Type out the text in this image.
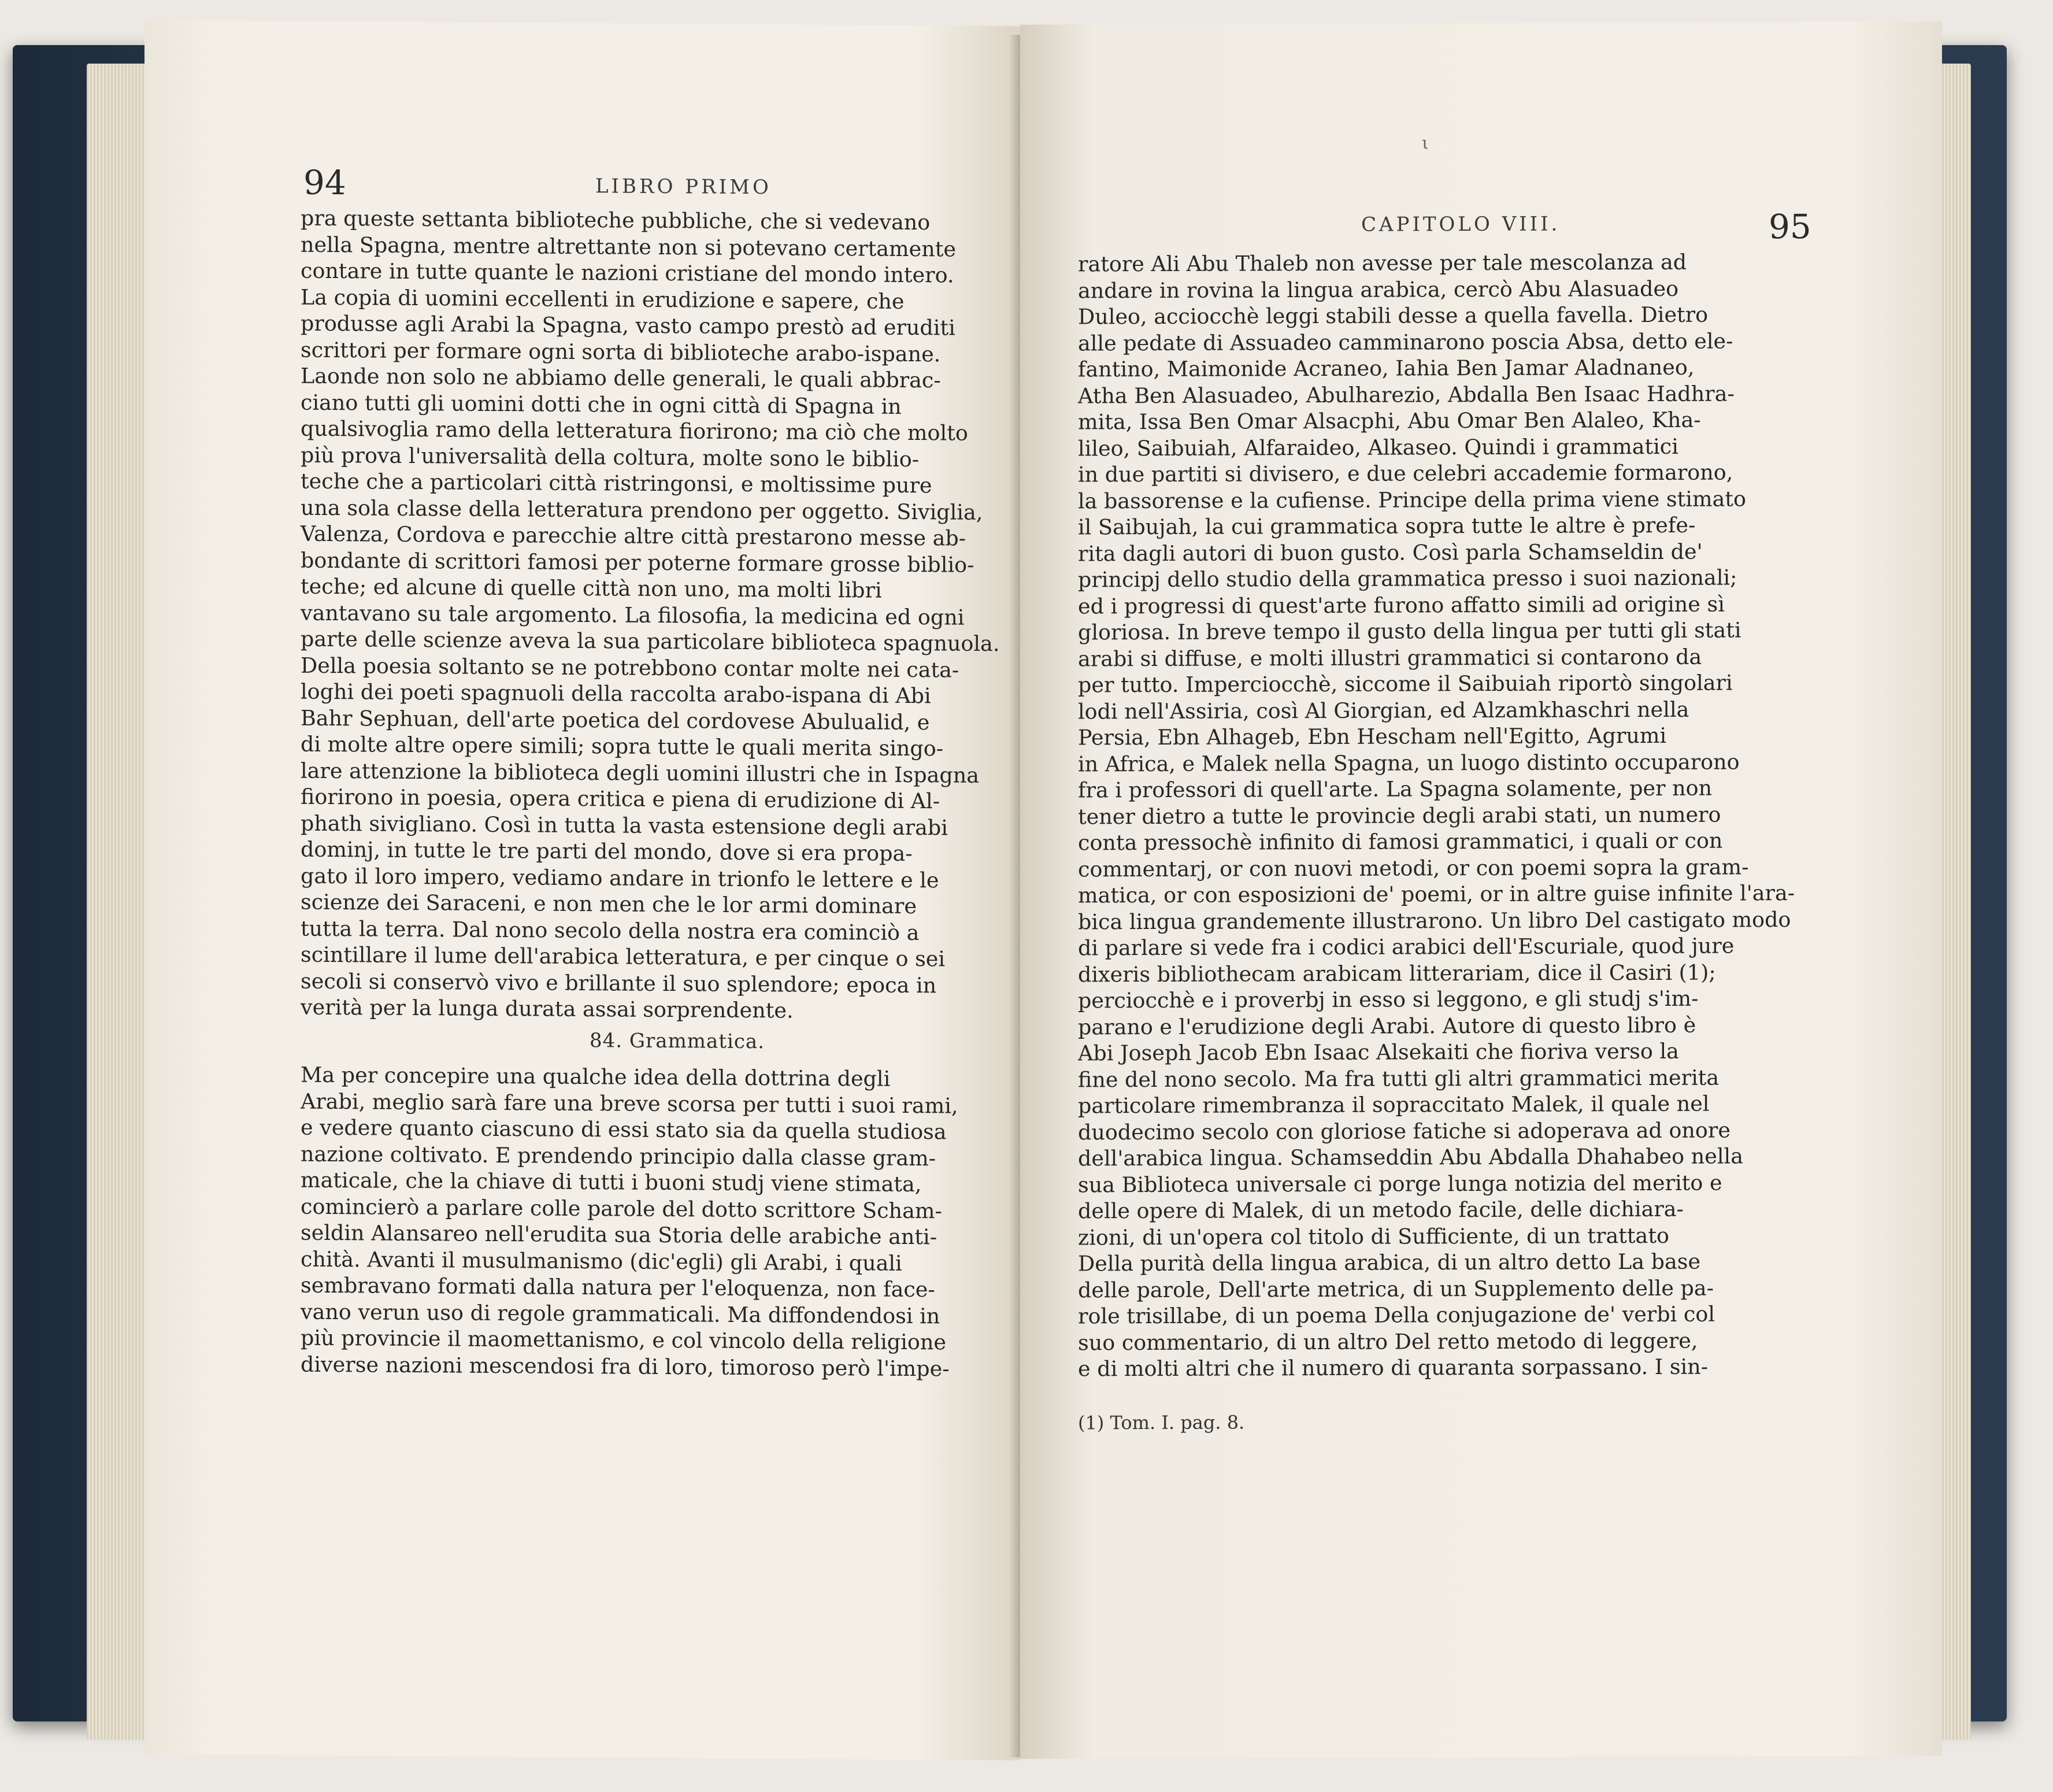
94	LIBRO PRIMO
pra queste settanta biblioteche pubbliche, che si vedevano
nella Spagna, mentre altrettante non si potevano certamente
contare in tutte quante le nazioni cristiane del mondo intero.
La copia di uomini eccellenti in erudizione e sapere, che
produsse agli Arabi la Spagna, vasto campo prestò ad eruditi
scrittori per formare ogni sorta di biblioteche arabo-ispane.
Laonde non solo ne abbiamo delle generali, le quali abbrac-
ciano tutti gli uomini dotti che in ogni città di Spagna in
qualsivoglia ramo della letteratura fiorirono; ma ciò che molto
più prova l'universalità della coltura, molte sono le biblio-
teche che a particolari città ristringonsi, e moltissime pure
una sola classe della letteratura prendono per oggetto. Siviglia,
Valenza, Cordova e parecchie altre città prestarono messe ab-
bondante di scrittori famosi per poterne formare grosse biblio-
teche; ed alcune di quelle città non uno, ma molti libri
vantavano su tale argomento. La filosofia, la medicina ed ogni
parte delle scienze aveva la sua particolare biblioteca spagnuola.
Della poesia soltanto se ne potrebbono contar molte nei cata-
loghi dei poeti spagnuoli della raccolta arabo-ispana di Abi
Bahr Sephuan, dell'arte poetica del cordovese Abulualid, e
di molte altre opere simili; sopra tutte le quali merita singo-
lare attenzione la biblioteca degli uomini illustri che in Ispagna
fiorirono in poesia, opera critica e piena di erudizione di Al-
phath sivigliano. Così in tutta la vasta estensione degli arabi
dominj, in tutte le tre parti del mondo, dove si era propa-
gato il loro impero, vediamo andare in trionfo le lettere e le
scienze dei Saraceni, e non men che le lor armi dominare
tutta la terra. Dal nono secolo della nostra era cominciò a
scintillare il lume dell'arabica letteratura, e per cinque o sei
secoli si conservò vivo e brillante il suo splendore; epoca in
verità per la lunga durata assai sorprendente.
84. Grammatica.
Ma per concepire una qualche idea della dottrina degli
Arabi, meglio sarà fare una breve scorsa per tutti i suoi rami,
e vedere quanto ciascuno di essi stato sia da quella studiosa
nazione coltivato. E prendendo principio dalla classe gram-
maticale, che la chiave di tutti i buoni studj viene stimata,
comincierò a parlare colle parole del dotto scrittore Scham-
seldin Alansareo nell'erudita sua Storia delle arabiche anti-
chità. Avanti il musulmanismo (dic'egli) gli Arabi, i quali
sembravano formati dalla natura per l'eloquenza, non face-
vano verun uso di regole grammaticali. Ma diffondendosi in
più provincie il maomettanismo, e col vincolo della religione
diverse nazioni mescendosi fra di loro, timoroso però l'impe-
ι
CAPITOLO VIII.	95
ratore Ali Abu Thaleb non avesse per tale mescolanza ad
andare in rovina la lingua arabica, cercò Abu Alasuadeo
Duleo, acciocchè leggi stabili desse a quella favella. Dietro
alle pedate di Assuadeo camminarono poscia Absa, detto ele-
fantino, Maimonide Acraneo, Iahia Ben Jamar Aladnaneo,
Atha Ben Alasuadeo, Abulharezio, Abdalla Ben Isaac Hadhra-
mita, Issa Ben Omar Alsacphi, Abu Omar Ben Alaleo, Kha-
lileo, Saibuiah, Alfaraideo, Alkaseo. Quindi i grammatici
in due partiti si divisero, e due celebri accademie formarono,
la bassorense e la cufiense. Principe della prima viene stimato
il Saibujah, la cui grammatica sopra tutte le altre è prefe-
rita dagli autori di buon gusto. Così parla Schamseldin de'
principj dello studio della grammatica presso i suoi nazionali;
ed i progressi di quest'arte furono affatto simili ad origine sì
gloriosa. In breve tempo il gusto della lingua per tutti gli stati
arabi si diffuse, e molti illustri grammatici si contarono da
per tutto. Imperciocchè, siccome il Saibuiah riportò singolari
lodi nell'Assiria, così Al Giorgian, ed Alzamkhaschri nella
Persia, Ebn Alhageb, Ebn Hescham nell'Egitto, Agrumi
in Africa, e Malek nella Spagna, un luogo distinto occuparono
fra i professori di quell'arte. La Spagna solamente, per non
tener dietro a tutte le provincie degli arabi stati, un numero
conta pressochè infinito di famosi grammatici, i quali or con
commentarj, or con nuovi metodi, or con poemi sopra la gram-
matica, or con esposizioni de' poemi, or in altre guise infinite l'ara-
bica lingua grandemente illustrarono. Un libro Del castigato modo
di parlare si vede fra i codici arabici dell'Escuriale, quod jure
dixeris bibliothecam arabicam litterariam, dice il Casiri (1);
perciocchè e i proverbj in esso si leggono, e gli studj s'im-
parano e l'erudizione degli Arabi. Autore di questo libro è
Abi Joseph Jacob Ebn Isaac Alsekaiti che fioriva verso la
fine del nono secolo. Ma fra tutti gli altri grammatici merita
particolare rimembranza il sopraccitato Malek, il quale nel
duodecimo secolo con gloriose fatiche si adoperava ad onore
dell'arabica lingua. Schamseddin Abu Abdalla Dhahabeo nella
sua Biblioteca universale ci porge lunga notizia del merito e
delle opere di Malek, di un metodo facile, delle dichiara-
zioni, di un'opera col titolo di Sufficiente, di un trattato
Della purità della lingua arabica, di un altro detto La base
delle parole, Dell'arte metrica, di un Supplemento delle pa-
role trisillabe, di un poema Della conjugazione de' verbi col
suo commentario, di un altro Del retto metodo di leggere,
e di molti altri che il numero di quaranta sorpassano. I sin-
(1) Tom. I. pag. 8.
